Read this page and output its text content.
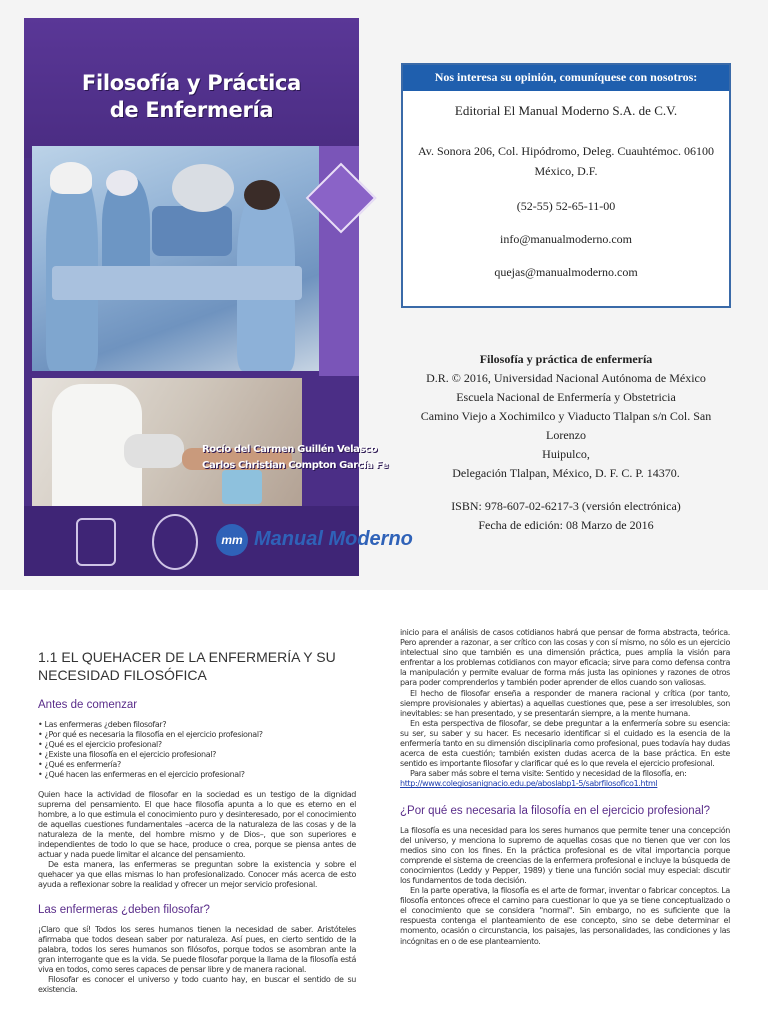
Filosofía y Práctica
de Enfermería
Rocío del Carmen Guillén Velasco
Carlos Christian Compton García Fe
mm Manual Moderno
Nos interesa su opinión, comuníquese con nosotros:
Editorial El Manual Moderno S.A. de C.V.
Av. Sonora 206, Col. Hipódromo, Deleg. Cuauhtémoc. 06100 México, D.F.
(52-55) 52-65-11-00
info@manualmoderno.com
quejas@manualmoderno.com
Filosofía y práctica de enfermería
D.R. © 2016, Universidad Nacional Autónoma de México
Escuela Nacional de Enfermería y Obstetricia
Camino Viejo a Xochimilco y Viaducto Tlalpan s/n Col. San Lorenzo
Huipulco,
Delegación Tlalpan, México, D. F. C. P. 14370.
ISBN: 978-607-02-6217-3 (versión electrónica)
Fecha de edición: 08 Marzo de 2016
1.1 EL QUEHACER DE LA ENFERMERÍA Y SU NECESIDAD FILOSÓFICA
Antes de comenzar
• Las enfermeras ¿deben filosofar?
• ¿Por qué es necesaria la filosofía en el ejercicio profesional?
• ¿Qué es el ejercicio profesional?
• ¿Existe una filosofía en el ejercicio profesional?
• ¿Qué es enfermería?
• ¿Qué hacen las enfermeras en el ejercicio profesional?

Quien hace la actividad de filosofar en la sociedad es un testigo de la dignidad suprema del pensamiento. El que hace filosofía apunta a lo que es eterno en el hombre, a lo que estimula el conocimiento puro y desinteresado, por el conocimiento de aquellas cuestiones fundamentales –acerca de la naturaleza de las cosas y de la naturaleza de la mente, del hombre mismo y de Dios–, que son superiores e independientes de todo lo que se hace, produce o crea, porque se piensa antes de actuar y nada puede limitar el alcance del pensamiento.

De esta manera, las enfermeras se preguntan sobre la existencia y sobre el quehacer ya que ellas mismas lo han profesionalizado. Conocer más acerca de esto ayuda a reflexionar sobre la realidad y ofrecer un mejor servicio profesional.

Las enfermeras ¿deben filosofar?

¡Claro que sí! Todos los seres humanos tienen la necesidad de saber. Aristóteles afirmaba que todos desean saber por naturaleza. Así pues, en cierto sentido de la palabra, todos los seres humanos son filósofos, porque todos se asombran ante la gran interrogante que es la vida. Se puede filosofar porque la llama de la filosofía está viva en todos, como seres capaces de pensar libre y de manera racional.

Filosofar es conocer el universo y todo cuanto hay, en buscar el sentido de su existencia.

inicio para el análisis de casos cotidianos habrá que pensar de forma abstracta, teórica. Pero aprender a razonar, a ser crítico con las cosas y con sí mismo, no sólo es un ejercicio intelectual sino que también es una dimensión práctica, pues amplía la visión para enfrentar a los problemas cotidianos con mayor eficacia; sirve para como defensa contra la manipulación y permite evaluar de forma más justa las opiniones y razones de otros para poder comprenderlos y también poder aprender de ellos cuando son valiosas.

El hecho de filosofar enseña a responder de manera racional y crítica (por tanto, siempre provisionales y abiertas) a aquellas cuestiones que, pese a ser irresolubles, son inevitables: se han presentado, y se presentarán siempre, a la mente humana.

En esta perspectiva de filosofar, se debe preguntar a la enfermería sobre su esencia: su ser, su saber y su hacer. Es necesario identificar si el cuidado es la esencia de la enfermería tanto en su dimensión disciplinaria como profesional, pues todavía hay dudas acerca de esta cuestión; también existen dudas acerca de la base práctica. En este sentido es importante filosofar y clarificar qué es lo que revela el ejercicio profesional.

Para saber más sobre el tema visite: Sentido y necesidad de la filosofía, en:

http://www.colegiosanignacio.edu.pe/aboslabp1-5/sabrfilosofico1.html
¿Por qué es necesaria la filosofía en el ejercicio profesional?

La filosofía es una necesidad para los seres humanos que permite tener una concepción del universo, y menciona lo supremo de aquellas cosas que no tienen que ver con los medios sino con los fines. En la práctica profesional es de vital importancia porque comprende el sistema de creencias de la enfermera profesional e incluye la búsqueda de conocimientos (Leddy y Pepper, 1989) y tiene una función social muy especial: discutir los fundamentos de toda decisión.

En la parte operativa, la filosofía es el arte de formar, inventar o fabricar conceptos. La filosofía entonces ofrece el camino para cuestionar lo que ya se tiene conceptualizado o el conocimiento que se considera "normal". Sin embargo, no es suficiente que la respuesta contenga el planteamiento de ese concepto, sino se debe determinar el momento, ocasión o circunstancia, los paisajes, las personalidades, las condiciones y las incógnitas en o de ese planteamiento.
